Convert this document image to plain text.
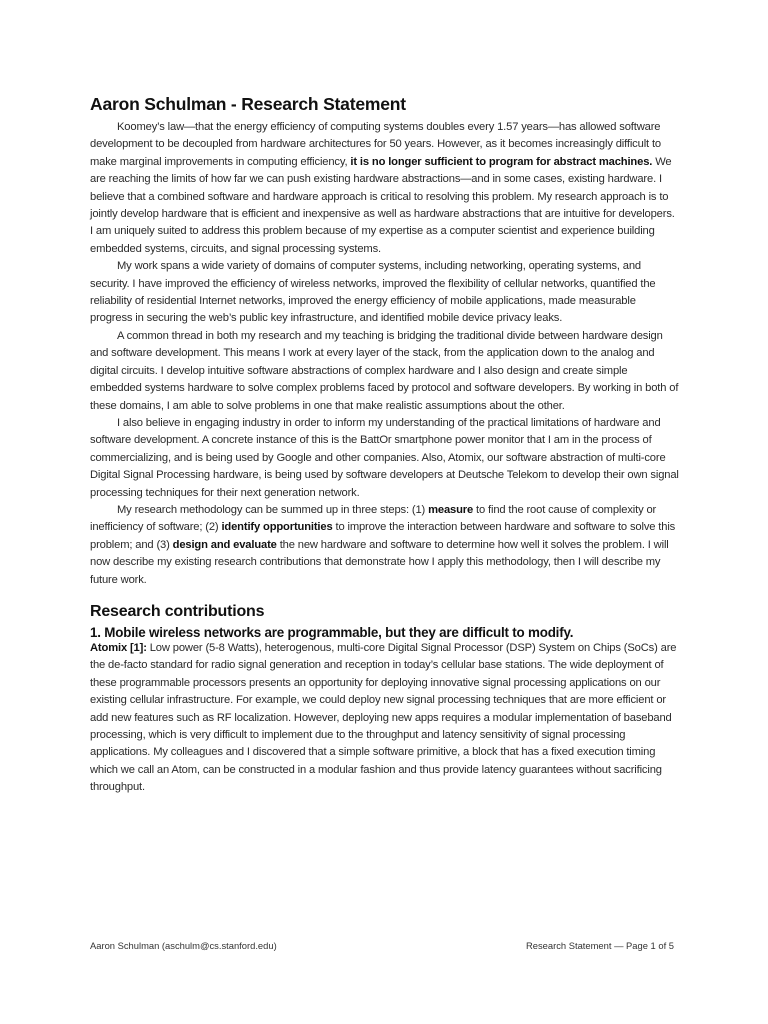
Aaron Schulman - Research Statement

Koomey’s law—that the energy efficiency of computing systems doubles every 1.57 years—has allowed software development to be decoupled from hardware architectures for 50 years. However, as it becomes increasingly difficult to make marginal improvements in computing efficiency, it is no longer sufficient to program for abstract machines. We are reaching the limits of how far we can push existing hardware abstractions—and in some cases, existing hardware. I believe that a combined software and hardware approach is critical to resolving this problem. My research approach is to jointly develop hardware that is efficient and inexpensive as well as hardware abstractions that are intuitive for developers. I am uniquely suited to address this problem because of my expertise as a computer scientist and experience building embedded systems, circuits, and signal processing systems.

My work spans a wide variety of domains of computer systems, including networking, operating systems, and security. I have improved the efficiency of wireless networks, improved the flexibility of cellular networks, quantified the reliability of residential Internet networks, improved the energy efficiency of mobile applications, made measurable progress in securing the web’s public key infrastructure, and identified mobile device privacy leaks.

A common thread in both my research and my teaching is bridging the traditional divide between hardware design and software development. This means I work at every layer of the stack, from the application down to the analog and digital circuits. I develop intuitive software abstractions of complex hardware and I also design and create simple embedded systems hardware to solve complex problems faced by protocol and software developers. By working in both of these domains, I am able to solve problems in one that make realistic assumptions about the other.

I also believe in engaging industry in order to inform my understanding of the practical limitations of hardware and software development. A concrete instance of this is the BattOr smartphone power monitor that I am in the process of commercializing, and is being used by Google and other companies. Also, Atomix, our software abstraction of multi-core Digital Signal Processing hardware, is being used by software developers at Deutsche Telekom to develop their own signal processing techniques for their next generation network.

My research methodology can be summed up in three steps: (1) measure to find the root cause of complexity or inefficiency of software; (2) identify opportunities to improve the interaction between hardware and software to solve this problem; and (3) design and evaluate the new hardware and software to determine how well it solves the problem. I will now describe my existing research contributions that demonstrate how I apply this methodology, then I will describe my future work.

Research contributions
1. Mobile wireless networks are programmable, but they are difficult to modify.

Atomix [1]: Low power (5-8 Watts), heterogenous, multi-core Digital Signal Processor (DSP) System on Chips (SoCs) are the de-facto standard for radio signal generation and reception in today’s cellular base stations. The wide deployment of these programmable processors presents an opportunity for deploying innovative signal processing applications on our existing cellular infrastructure. For example, we could deploy new signal processing techniques that are more efficient or add new features such as RF localization. However, deploying new apps requires a modular implementation of baseband processing, which is very difficult to implement due to the throughput and latency sensitivity of signal processing applications. My colleagues and I discovered that a simple software primitive, a block that has a fixed execution timing which we call an Atom, can be constructed in a modular fashion and thus provide latency guarantees without sacrificing throughput.

Aaron Schulman (aschulm@cs.stanford.edu)	Research Statement — Page 1 of 5
